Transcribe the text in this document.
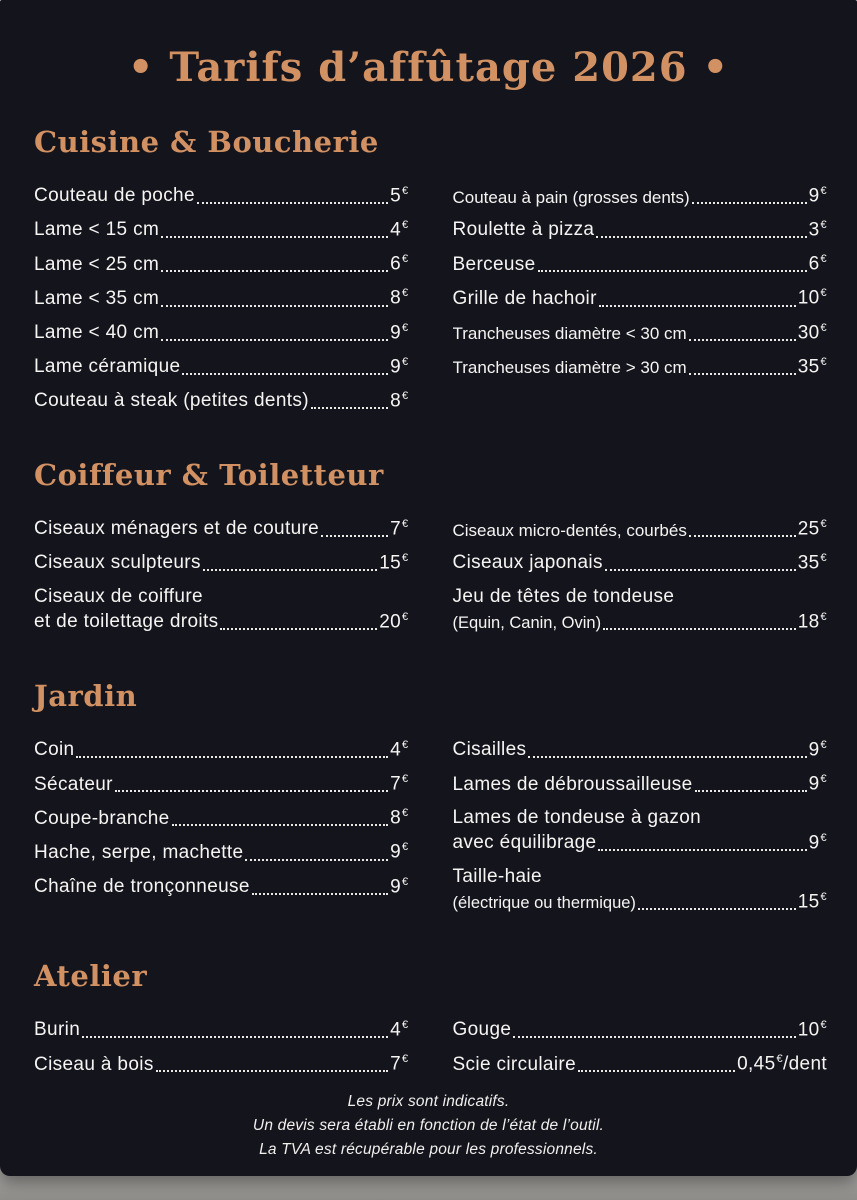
• Tarifs d’affûtage 2026 •
Cuisine & Boucherie
Couteau de poche	5€
Lame < 15 cm	4€
Lame < 25 cm	6€
Lame < 35 cm	8€
Lame < 40 cm	9€
Lame céramique	9€
Couteau à steak (petites dents)	8€
Couteau à pain (grosses dents)	9€
Roulette à pizza	3€
Berceuse	6€
Grille de hachoir	10€
Trancheuses diamètre < 30 cm	30€
Trancheuses diamètre > 30 cm	35€
Coiffeur & Toiletteur
Ciseaux ménagers et de couture	7€
Ciseaux sculpteurs	15€
Ciseaux de coiffure
et de toilettage droits	20€
Ciseaux micro-dentés, courbés	25€
Ciseaux japonais	35€
Jeu de têtes de tondeuse
(Equin, Canin, Ovin)	18€
Jardin
Coin	4€
Sécateur	7€
Coupe-branche	8€
Hache, serpe, machette	9€
Chaîne de tronçonneuse	9€
Cisailles	9€
Lames de débroussailleuse	9€
Lames de tondeuse à gazon
avec équilibrage	9€
Taille-haie
(électrique ou thermique)	15€
Atelier
Burin	4€
Ciseau à bois	7€
Gouge	10€
Scie circulaire	0,45€/dent
Les prix sont indicatifs.
Un devis sera établi en fonction de l’état de l’outil.
La TVA est récupérable pour les professionnels.
